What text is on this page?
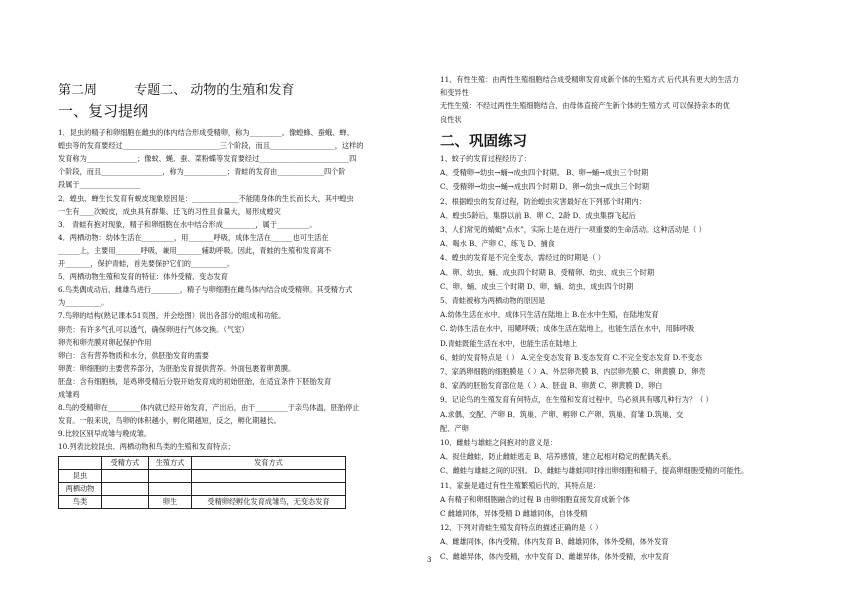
第二周	专题二、 动物的生殖和发育
一、复习提纲
1．昆虫的精子和卵细胞在雌虫的体内结合形成受精卵，称为_________。像蝗蜂、蚕蛾、蝉、
蝗虫等的发育要经过___________________________三个阶段，而且__________________，这样的
发育称为______________；像蚊、蝇、蚕、菜粉蝶等发育要经过_________________________四
个阶段，而且_________________，称为____________；青蛙的发育由_____________四个阶
段属于_________________
2．蝗虫、蝉生长发育有蜕皮现象原因是：_____________不能随身体的生长而长大，其中蝗虫
一生有____次蜕皮，成虫具有群集、迁飞的习性且食量大，易形成蝗灾
3． 青蛙有抱对现象，精子和卵细胞在水中结合形成_________，属于_________。
4．两栖动物：幼体生活在_________，用_______呼吸，成体生活在______也可生活在
______上，主要用_______呼吸，兼用_______辅助呼吸。因此，青蛙的生殖和发育离不
开_______，保护青蛙，首先要保护它们的__________。
5．两栖动物生殖和发育的特征：体外受精、变态发育
6.鸟类偶成动后，雌雄鸟进行________，精子与卵细胞在雌鸟体内结合成受精卵。其受精方式
为__________。
7.鸟卵的结构(熟记课本51页图，并会绘图）说出各部分的组成和功能。
卵壳：有许多气孔可以透气，确保卵进行气体交换。（气室）
卵壳和卵壳膜对卵起保护作用
卵白：含有营养物质和水分，供胚胎发育的需要
卵黄：卵细胞的主要营养部分，为胚胎发育提供营养。外面包裹着卵黄膜。
胚盘：含有细胞核，是鸡卵受精后分裂开始发育成的初始胚胎，在适宜条件下胚胎发育
成雏鸡
8.鸟的受精卵在_________体内就已经开始发育，产出后，由于_________于亲鸟体温，胚胎停止
发育。一般来说，鸟卵的体积越小，孵化期越短，反之，孵化期越长。
9.比较区别早成雏与晚成雏。
10.列表比较昆虫、两栖动物和鸟类的生殖和发育特点；
	受精方式	生殖方式	发育方式
昆虫			
两栖动物			
鸟类		卵生	受精卵经孵化发育成雏鸟，无变态发育
11、有性生殖：由两性生殖细胞结合成受精卵发育成新个体的生殖方式 后代具有更大的生活力
和变异性
无性生殖：不经过两性生殖细胞结合，由母体直接产生新个体的生殖方式 可以保持亲本的优
良性状
二、巩固练习
1、蚊子的发育过程经历了：
A、受精卵→幼虫→蛹→成虫四个时期。 B、卵→蛹→成虫三个时期
C、受精卵→幼虫→蛹→成虫四个时期 D、卵→幼虫→成虫三个时期
2、根据蝗虫的发育过程，防治蝗虫灾害最好在下列那个时期内：
A、蝗虫5龄后，集群以前 B、卵 C、2龄 D、成虫集群飞起后
3、人们常见的蜻蜓“点水”，实际上是在进行一项重要的生命活动。这种活动是（ ）
A、喝水 B、产卵 C、练飞 D、捕食
4、蝗虫的发育是不完全变态，需经过的时期是（ ）
A、卵、幼虫、蛹、成虫四个时期 B、受精卵、幼虫、成虫三个时期
C、卵、蛹、成虫三个时期 D、卵、蛹、幼虫、成虫四个时期
5、青蛙被称为两栖动物的原因是
A.幼体生活在水中，成体只生活在陆地上 B.在水中生殖，在陆地发育
C. 幼体生活在水中，用鳃呼吸；成体生活在陆地上，也能生活在水中，用肺呼吸
D.青蛙既能生活在水中，也能生活在陆地上
6、蛙的发育特点是（ ） A.完全变态发育 B.变态发育 C.不完全变态发育 D.不变态
7、家鸽卵细胞的细胞膜是（ ）A、外层卵壳膜 B、内层卵壳膜 C、卵黄膜 D、卵壳
8、家鸽的胚胎发育部位是（ ）A、胚盘 B、卵黄 C、卵黄膜 D、卵白
9、记论鸟的生殖发育有何特点，在生殖和发育过程中，鸟必须具有哪几种行为？（ ）
A.求偶、交配、产卵 B、筑巢、产卵、孵卵 C.产卵、筑巢、育雏 D.筑巢、交
配、产卵
10、雌蛙与雄蛙之间抱对的意义是：
A、捉住雌蛙，防止雌蛙逃走 B、培养感情，建立起相对稳定的配偶关系。
C、雌蛙与雄蛙之间的识别。 D、雌蛙与雄蛙同时排出卵细胞和精子，提高卵细胞受精的可能性。
11、家蚕是通过有性生殖繁殖后代的，其特点是：
A 有精子和卵细胞融合的过程 B 由卵细胞直接发育成新个体
C 雌雄同体，异体受精 D 雌雄同体，自体受精
12、下列对青蛙生殖发育特点的描述正确的是（ ）
A、雌雄同体，体内受精，体内发育 B、雌雄同体，体外受精，体外发育
C、雌雄异体，体内受精，水中发育 D、雌雄异体，体外受精，水中发育
3
